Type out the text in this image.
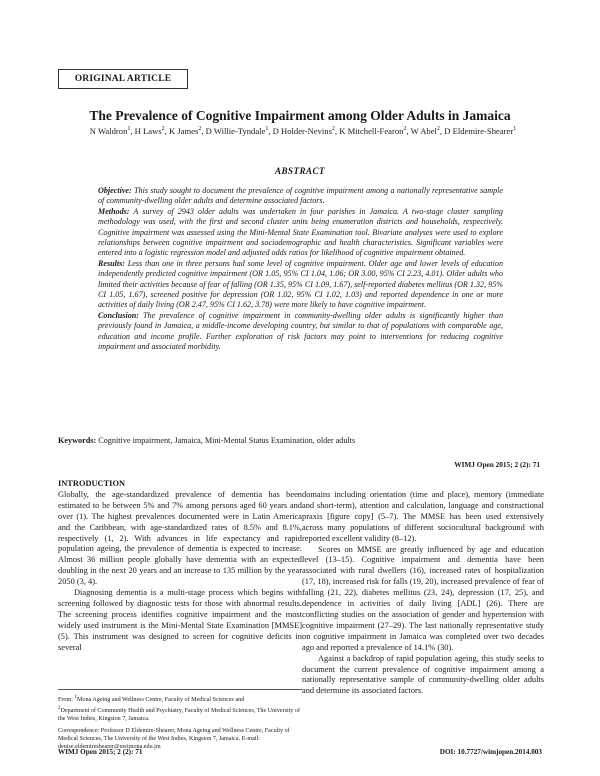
ORIGINAL ARTICLE
The Prevalence of Cognitive Impairment among Older Adults in Jamaica
N Waldron$^1$, H Laws$^2$, K James$^2$, D Willie-Tyndale$^1$, D Holder-Nevins$^2$, K Mitchell-Fearon$^2$, W Abel$^2$, D Eldemire-Shearer$^1$
ABSTRACT

Objective: This study sought to document the prevalence of cognitive impairment among a nationally representative sample of community-dwelling older adults and determine associated factors.

Methods: A survey of 2943 older adults was undertaken in four parishes in Jamaica. A two-stage cluster sampling methodology was used, with the first and second cluster units being enumeration districts and households, respectively. Cognitive impairment was assessed using the Mini-Mental State Examination tool. Bivariate analyses were used to explore relationships between cognitive impairment and sociodemographic and health characteristics. Significant variables were entered into a logistic regression model and adjusted odds ratios for likelihood of cognitive impairment obtained.

Results: Less than one in three persons had some level of cognitive impairment. Older age and lower levels of education independently predicted cognitive impairment (OR 1.05, 95% CI 1.04, 1.06; OR 3.00, 95% CI 2.23, 4.01). Older adults who limited their activities because of fear of falling (OR 1.35, 95% CI 1.09, 1.67), self-reported diabetes mellitus (OR 1.32, 95% CI 1.05, 1.67), screened positive for depression (OR 1.02, 95% CI 1.02, 1.03) and reported dependence in one or more activities of daily living (OR 2.47, 95% CI 1.62, 3.78) were more likely to have cognitive impairment.

Conclusion: The prevalence of cognitive impairment in community-dwelling older adults is significantly higher than previously found in Jamaica, a middle-income developing country, but similar to that of populations with comparable age, education and income profile. Further exploration of risk factors may point to interventions for reducing cognitive impairment and associated morbidity.

Keywords: Cognitive impairment, Jamaica, Mini-Mental Status Examination, older adults
WIMJ Open 2015; 2 (2): 71

INTRODUCTION

Globally, the age-standardized prevalence of dementia has been estimated to be between 5% and 7% among persons aged 60 years and over (1). The highest prevalences documented were in Latin America and the Caribbean, with age-standardized rates of 8.5% and 8.1%, respectively (1, 2). With advances in life expectancy and rapid population ageing, the prevalence of dementia is expected to increase. Almost 36 million people globally have dementia with an expected doubling in the next 20 years and an increase to 135 million by the year 2050 (3, 4).

Diagnosing dementia is a multi-stage process which begins with screening followed by diagnostic tests for those with abnormal results. The screening process identifies cognitive impairment and the most widely used instrument is the Mini-Mental State Examination [MMSE] (5). This instrument was designed to screen for cognitive deficits in several

From: $^1$Mona Ageing and Wellness Centre, Faculty of Medical Sciences and
$^2$Department of Community Health and Psychiatry, Faculty of Medical Sciences, The University of the West Indies, Kingston 7, Jamaica.

Correspondence: Professor D Eldemire-Shearer, Mona Ageing and Wellness Centre, Faculty of Medical Sciences, The University of the West Indies, Kingston 7, Jamaica. E-mail: denise.eldemireshearer@uwimona.edu.jm

domains including orientation (time and place), memory (immediate and short-term), attention and calculation, language and constructional praxis [figure copy] (5–7). The MMSE has been used extensively across many populations of different sociocultural background with reported excellent validity (8–12).

Scores on MMSE are greatly influenced by age and education level (13–15). Cognitive impairment and dementia have been associated with rural dwellers (16), increased rates of hospitalization (17, 18), increased risk for falls (19, 20), increased prevalence of fear of falling (21, 22), diabetes mellitus (23, 24), depression (17, 25), and dependence in activities of daily living [ADL] (26). There are conflicting studies on the association of gender and hypertension with cognitive impairment (27–29). The last nationally representative study on cognitive impairment in Jamaica was completed over two decades ago and reported a prevalence of 14.1% (30).

Against a backdrop of rapid population ageing, this study seeks to document the current prevalence of cognitive impairment among a nationally representative sample of community-dwelling older adults and determine its associated factors.

WIMJ Open 2015; 2 (2): 71	DOI: 10.7727/wimjopen.2014.003
